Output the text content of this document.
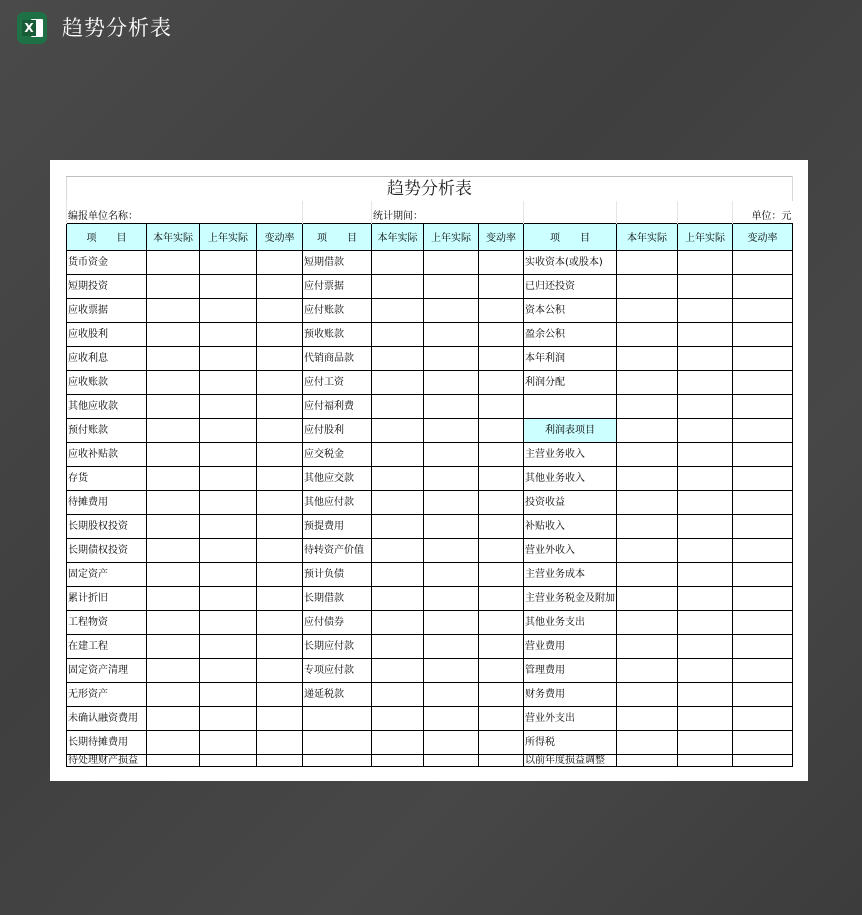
X 趋势分析表
趋势分析表											
编报单位名称：					统计期间：						单位：元
项　　目	本年实际	上年实际	变动率	项　　目	本年实际	上年实际	变动率	项　　目	本年实际	上年实际	变动率
货币资金				短期借款				实收资本(或股本)			
短期投资				应付票据				已归还投资			
应收票据				应付账款				资本公积			
应收股利				预收账款				盈余公积			
应收利息				代销商品款				本年利润			
应收账款				应付工资				利润分配			
其他应收款				应付福利费							
预付账款				应付股利				利润表项目			
应收补贴款				应交税金				主营业务收入			
存货				其他应交款				其他业务收入			
待摊费用				其他应付款				投资收益			
长期股权投资				预提费用				补贴收入			
长期债权投资				待转资产价值				营业外收入			
固定资产				预计负债				主营业务成本			
累计折旧				长期借款				主营业务税金及附加			
工程物资				应付债券				其他业务支出			
在建工程				长期应付款				营业费用			
固定资产清理				专项应付款				管理费用			
无形资产				递延税款				财务费用			
未确认融资费用								营业外支出			
长期待摊费用								所得税			
待处理财产损益								以前年度损益调整			
